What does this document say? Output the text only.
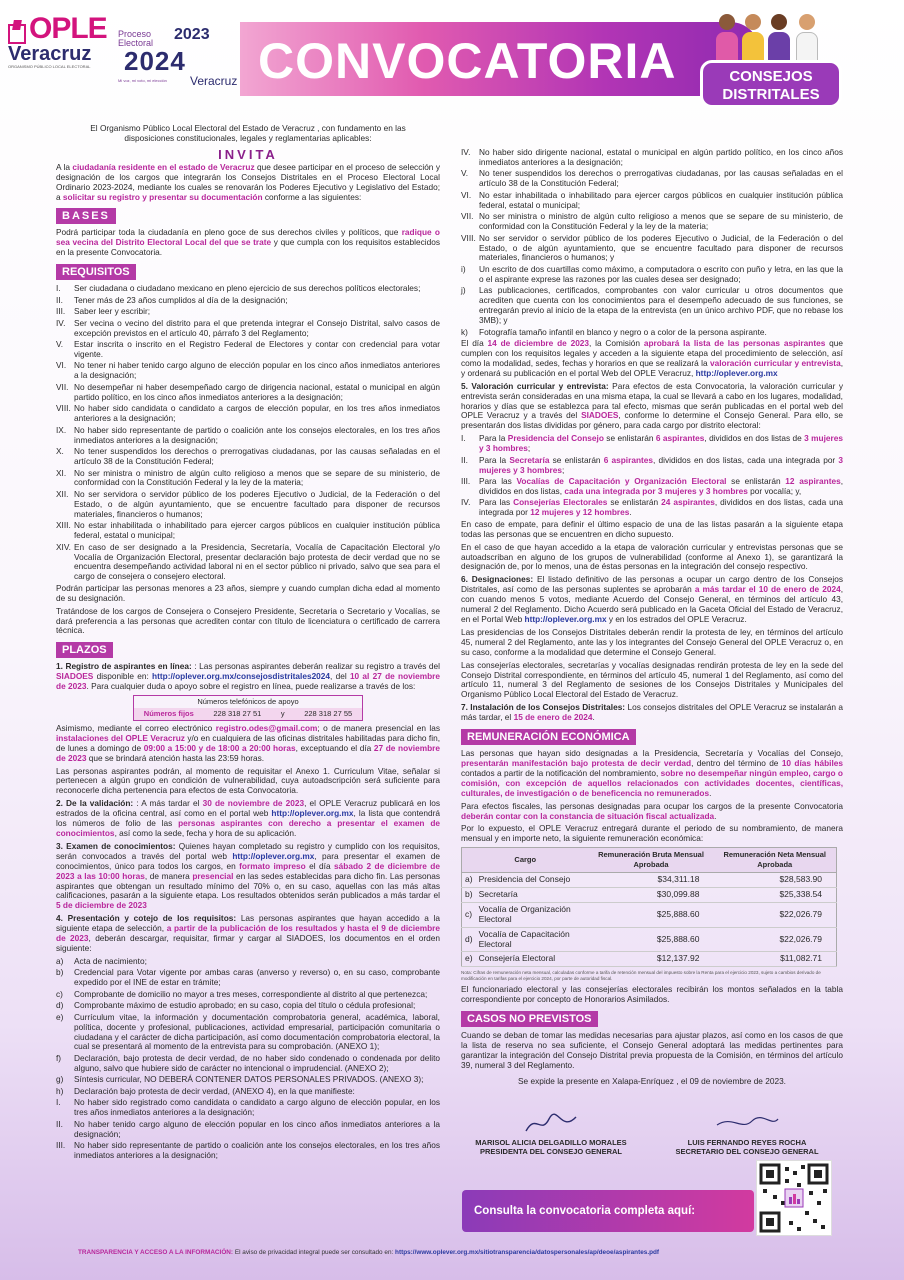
OPLE
Veracruz
ORGANISMO PÚBLICO LOCAL ELECTORAL
Proceso Electoral 2023
2024
Mi voz, mi voto, mi elección	Veracruz CONVOCATORIA	CONSEJOS DISTRITALES

El Organismo Público Local Electoral del Estado de Veracruz , con fundamento en las disposiciones constitucionales, legales y reglamentarias aplicables:

INVITA

A la ciudadanía residente en el estado de Veracruz que desee participar en el proceso de selección y designación de los cargos que integrarán los Consejos Distritales en el Proceso Electoral Local Ordinario 2023-2024, mediante los cuales se renovarán los Poderes Ejecutivo y Legislativo del Estado; a solicitar su registro y presentar su documentación conforme a las siguientes:

BASES

Podrá participar toda la ciudadanía en pleno goce de sus derechos civiles y políticos, que radique o sea vecina del Distrito Electoral Local del que se trate y que cumpla con los requisitos establecidos en la presente Convocatoria.

REQUISITOS
I.	Ser ciudadana o ciudadano mexicano en pleno ejercicio de sus derechos políticos electorales;
II.	Tener más de 23 años cumplidos al día de la designación;
III.	Saber leer y escribir;
IV.	Ser vecina o vecino del distrito para el que pretenda integrar el Consejo Distrital, salvo casos de excepción previstos en el artículo 40, párrafo 3 del Reglamento;
V.	Estar inscrita o inscrito en el Registro Federal de Electores y contar con credencial para votar vigente.
VI. No tener ni haber tenido cargo alguno de elección popular en los cinco años inmediatos anteriores a la designación;
VII. No desempeñar ni haber desempeñado cargo de dirigencia nacional, estatal o municipal en algún partido político, en los cinco años inmediatos anteriores a la designación;
VIII. No haber sido candidata o candidato a cargos de elección popular, en los tres años inmediatos anteriores a la designación;
IX. No haber sido representante de partido o coalición ante los consejos electorales, en los tres años inmediatos anteriores a la designación;
X.	No tener suspendidos los derechos o prerrogativas ciudadanas, por las causas señaladas en el artículo 38 de la Constitución Federal;
XI. No ser ministra o ministro de algún culto religioso a menos que se separe de su ministerio, de conformidad con la Constitución Federal y la ley de la materia;
XII. No ser servidora o servidor público de los poderes Ejecutivo o Judicial, de la Federación o del Estado, o de algún ayuntamiento, que se encuentre facultado para disponer de recursos materiales, financieros o humanos;
XIII. No estar inhabilitada o inhabilitado para ejercer cargos públicos en cualquier institución pública federal, estatal o municipal;
XIV. En caso de ser designado a la Presidencia, Secretaría, Vocalía de Capacitación Electoral y/o Vocalía de Organización Electoral, presentar declaración bajo protesta de decir verdad que no se encuentra desempeñando actividad laboral ni en el sector público ni privado, salvo que sea para el cargo de consejera o consejero electoral.

Podrán participar las personas menores a 23 años, siempre y cuando cumplan dicha edad al momento de su designación.

Tratándose de los cargos de Consejera o Consejero Presidente, Secretaria o Secretario y Vocalías, se dará preferencia a las personas que acrediten contar con título de licenciatura o certificado de carrera técnica.

PLAZOS

1. Registro de aspirantes en línea: : Las personas aspirantes deberán realizar su registro a través del SIADOES disponible en: http://oplever.org.mx/consejosdistritales2024, del 10 al 27 de noviembre de 2023. Para cualquier duda o apoyo sobre el registro en línea, puede realizarse a través de los:

Números telefónicos de apoyo
Números fijos	228 318 27 51	y	228 318 27 55

Asimismo, mediante el correo electrónico registro.odes@gmail.com; o de manera presencial en las instalaciones del OPLE Veracruz y/o en cualquiera de las oficinas distritales habilitadas para dicho fin, de lunes a domingo de 09:00 a 15:00 y de 18:00 a 20:00 horas, exceptuando el día 27 de noviembre de 2023 que se brindará atención hasta las 23:59 horas.

Las personas aspirantes podrán, al momento de requisitar el Anexo 1. Curriculum Vitae, señalar si pertenecen a algún grupo en condición de vulnerabilidad, cuya autoadscripción será suficiente para reconocerle dicha pertenencia para efectos de esta Convocatoria.

2. De la validación: : A más tardar el 30 de noviembre de 2023, el OPLE Veracruz publicará en los estrados de la oficina central, así como en el portal web http://oplever.org.mx, la lista que contendrá los números de folio de las personas aspirantes con derecho a presentar el examen de conocimientos, así como la sede, fecha y hora de su aplicación.

3. Examen de conocimientos: Quienes hayan completado su registro y cumplido con los requisitos, serán convocados a través del portal web http://oplever.org.mx, para presentar el examen de conocimientos, único para todos los cargos, en formato impreso el día sábado 2 de diciembre de 2023 a las 10:00 horas, de manera presencial en las sedes establecidas para dicho fin. Las personas aspirantes que obtengan un resultado mínimo del 70% o, en su caso, aquellas con las más altas calificaciones, pasarán a la siguiente etapa. Los resultados obtenidos serán publicados a más tardar el 5 de diciembre de 2023

4. Presentación y cotejo de los requisitos: Las personas aspirantes que hayan accedido a la siguiente etapa de selección, a partir de la publicación de los resultados y hasta el 9 de diciembre de 2023, deberán descargar, requisitar, firmar y cargar al SIADOES, los documentos en el orden siguiente:

a)	Acta de nacimiento;
b)	Credencial para Votar vigente por ambas caras (anverso y reverso) o, en su caso, comprobante expedido por el INE de estar en trámite;
c)	Comprobante de domicilio no mayor a tres meses, correspondiente al distrito al que pertenezca;
d)	Comprobante máximo de estudio aprobado; en su caso, copia del título o cédula profesional;
e)	Currículum vitae, la información y documentación comprobatoria general, académica, laboral, política, docente y profesional, publicaciones, actividad empresarial, participación comunitaria o ciudadana y el carácter de dicha participación, así como documentación comprobatoria electoral, la cual se presentará al momento de la entrevista para su comprobación. (ANEXO 1);
f)	Declaración, bajo protesta de decir verdad, de no haber sido condenado o condenada por delito alguno, salvo que hubiere sido de carácter no intencional o imprudencial. (ANEXO 2);
g)	Síntesis curricular, NO DEBERÁ CONTENER DATOS PERSONALES PRIVADOS. (ANEXO 3);
h)	Declaración bajo protesta de decir verdad, (ANEXO 4), en la que manifieste:
I.	No haber sido registrado como candidata o candidato a cargo alguno de elección popular, en los tres años inmediatos anteriores a la designación;
II.	No haber tenido cargo alguno de elección popular en los cinco años inmediatos anteriores a la designación;
III.	No haber sido representante de partido o coalición ante los consejos electorales, en los tres años inmediatos anteriores a la designación;
IV.	No haber sido dirigente nacional, estatal o municipal en algún partido político, en los cinco años inmediatos anteriores a la designación;
V.	No tener suspendidos los derechos o prerrogativas ciudadanas, por las causas señaladas en el artículo 38 de la Constitución Federal;
VI. No estar inhabilitada o inhabilitado para ejercer cargos públicos en cualquier institución pública federal, estatal o municipal;
VII. No ser ministra o ministro de algún culto religioso a menos que se separe de su ministerio, de conformidad con la Constitución Federal y la ley de la materia;
VIII. No ser servidor o servidor público de los poderes Ejecutivo o Judicial, de la Federación o del Estado, o de algún ayuntamiento, que se encuentre facultado para disponer de recursos materiales, financieros o humanos; y
i)	Un escrito de dos cuartillas como máximo, a computadora o escrito con puño y letra, en las que la o el aspirante exprese las razones por las cuales desea ser designado;
j)	Las publicaciones, certificados, comprobantes con valor curricular u otros documentos que acrediten que cuenta con los conocimientos para el desempeño adecuado de sus funciones, se entregarán previo al inicio de la etapa de la entrevista (en un único archivo PDF, que no rebase los 3MB); y
k)	Fotografía tamaño infantil en blanco y negro o a color de la persona aspirante.

El día 14 de diciembre de 2023, la Comisión aprobará la lista de las personas aspirantes que cumplen con los requisitos legales y acceden a la siguiente etapa del procedimiento de selección, así como la modalidad, sedes, fechas y horarios en que se realizará la valoración curricular y entrevista, y ordenará su publicación en el portal Web del OPLE Veracruz, http://oplever.org.mx

5. Valoración curricular y entrevista: Para efectos de esta Convocatoria, la valoración curricular y entrevista serán consideradas en una misma etapa, la cual se llevará a cabo en los lugares, modalidad, horarios y días que se establezca para tal efecto, mismas que serán publicadas en el portal web del OPLE Veracruz y a través del SIADOES, conforme lo determine el Consejo General. Para ello, se presentarán dos listas divididas por género, para cada cargo por distrito electoral:

I.	Para la Presidencia del Consejo se enlistarán 6 aspirantes, divididos en dos listas de 3 mujeres y 3 hombres;
II.	Para la Secretaría se enlistarán 6 aspirantes, divididos en dos listas, cada una integrada por 3 mujeres y 3 hombres;
III.	Para las Vocalías de Capacitación y Organización Electoral se enlistarán 12 aspirantes, divididos en dos listas, cada una integrada por 3 mujeres y 3 hombres por vocalía; y,
IV.	Para las Consejerías Electorales se enlistarán 24 aspirantes, divididos en dos listas, cada una integrada por 12 mujeres y 12 hombres.

En caso de empate, para definir el último espacio de una de las listas pasarán a la siguiente etapa todas las personas que se encuentren en dicho supuesto.

En el caso de que hayan accedido a la etapa de valoración curricular y entrevistas personas que se autoadscriban en alguno de los grupos de vulnerabilidad (conforme al Anexo 1), se garantizará la designación de, por lo menos, una de éstas personas en la integración del consejo respectivo.

6. Designaciones: El listado definitivo de las personas a ocupar un cargo dentro de los Consejos Distritales, así como de las personas suplentes se aprobarán a más tardar el 10 de enero de 2024, con cuando menos 5 votos, mediante Acuerdo del Consejo General, en términos del artículo 43, numeral 2 del Reglamento. Dicho Acuerdo será publicado en la Gaceta Oficial del Estado de Veracruz, en el Portal Web http://oplever.org.mx y en los estrados del OPLE Veracruz.

Las presidencias de los Consejos Distritales deberán rendir la protesta de ley, en términos del artículo 45, numeral 2 del Reglamento, ante las y los integrantes del Consejo General del OPLE Veracruz o, en su caso, conforme a la modalidad que determine el Consejo General.

Las consejerías electorales, secretarías y vocalías designadas rendirán protesta de ley en la sede del Consejo Distrital correspondiente, en términos del artículo 45, numeral 1 del Reglamento, así como del artículo 11, numeral 3 del Reglamento de sesiones de los Consejos Distritales y Municipales del Organismo Público Local Electoral del Estado de Veracruz.

7. Instalación de los Consejos Distritales: Los consejos distritales del OPLE Veracruz se instalarán a más tardar, el 15 de enero de 2024.

REMUNERACIÓN ECONÓMICA

Las personas que hayan sido designadas a la Presidencia, Secretaría y Vocalías del Consejo, presentarán manifestación bajo protesta de decir verdad, dentro del término de 10 días hábiles contados a partir de la notificación del nombramiento, sobre no desempeñar ningún empleo, cargo o comisión, con excepción de aquellos relacionados con actividades docentes, científicas, culturales, de investigación o de beneficencia no remunerados.

Para efectos fiscales, las personas designadas para ocupar los cargos de la presente Convocatoria deberán contar con la constancia de situación fiscal actualizada.

Por lo expuesto, el OPLE Veracruz entregará durante el periodo de su nombramiento, de manera mensual y en importe neto, la siguiente remuneración económica:

Cargo		Remuneración Bruta Mensual Aprobada	Remuneración Neta Mensual Aprobada
a)	Presidencia del Consejo	$34,311.18	$28,583.90
b)	Secretaría	$30,099.88	$25,338.54
c)	Vocalía de Organización Electoral	$25,888.60	$22,026.79
d)	Vocalía de Capacitación Electoral	$25,888.60	$22,026.79
e)	Consejería Electoral	$12,137.92	$11,082.71
Nota: Cifras de remuneración neta mensual, calculadas conforme a tarifa de retención mensual del impuesto sobre la Renta para el ejercicio 2023, sujeto a cambios derivado de modificación en tarifas para el ejercicio 2024, por parte de autoridad fiscal.

El funcionariado electoral y las consejerías electorales recibirán los montos señalados en la tabla correspondiente por concepto de Honorarios Asimilados.

CASOS NO PREVISTOS

Cuando se deban de tomar las medidas necesarias para ajustar plazos, así como en los casos de que la lista de reserva no sea suficiente, el Consejo General adoptará las medidas pertinentes para garantizar la integración del Consejo Distrital previa propuesta de la Comisión, en términos del artículo 39, numeral 3 del Reglamento.

Se expide la presente en Xalapa-Enríquez , el 09 de noviembre de 2023.

MARISOL ALICIA DELGADILLO MORALES
PRESIDENTA DEL CONSEJO GENERAL
LUIS FERNANDO REYES ROCHA
SECRETARIO DEL CONSEJO GENERAL
Consulta la convocatoria completa aquí:
TRANSPARENCIA Y ACCESO A LA INFORMACIÓN: El aviso de privacidad integral puede ser consultado en: https://www.oplever.org.mx/sitiotransparencia/datospersonales/ap/deoe/aspirantes.pdf
